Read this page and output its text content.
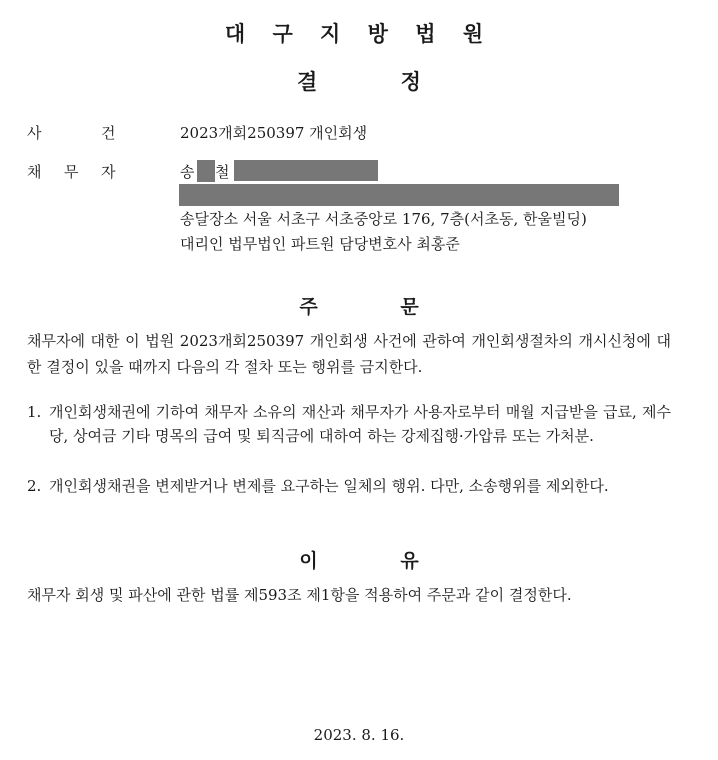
대 구 지 방 법 원
결	정
사	건	2023개회250397 개인회생
채 무 자	송 철
송달장소 서울 서초구 서초중앙로 176, 7층(서초동, 한울빌딩)
대리인 법무법인 파트원 담당변호사 최홍준
주	문
채무자에 대한 이 법원 2023개회250397 개인회생 사건에 관하여 개인회생절차의 개시신청에 대한 결정이 있을 때까지 다음의 각 절차 또는 행위를 금지한다.
1. 개인회생채권에 기하여 채무자 소유의 재산과 채무자가 사용자로부터 매월 지급받을 급료, 제수당, 상여금 기타 명목의 급여 및 퇴직금에 대하여 하는 강제집행·가압류 또는 가처분.
2. 개인회생채권을 변제받거나 변제를 요구하는 일체의 행위. 다만, 소송행위를 제외한다.
이	유
채무자 회생 및 파산에 관한 법률 제593조 제1항을 적용하여 주문과 같이 결정한다.
2023. 8. 16.
